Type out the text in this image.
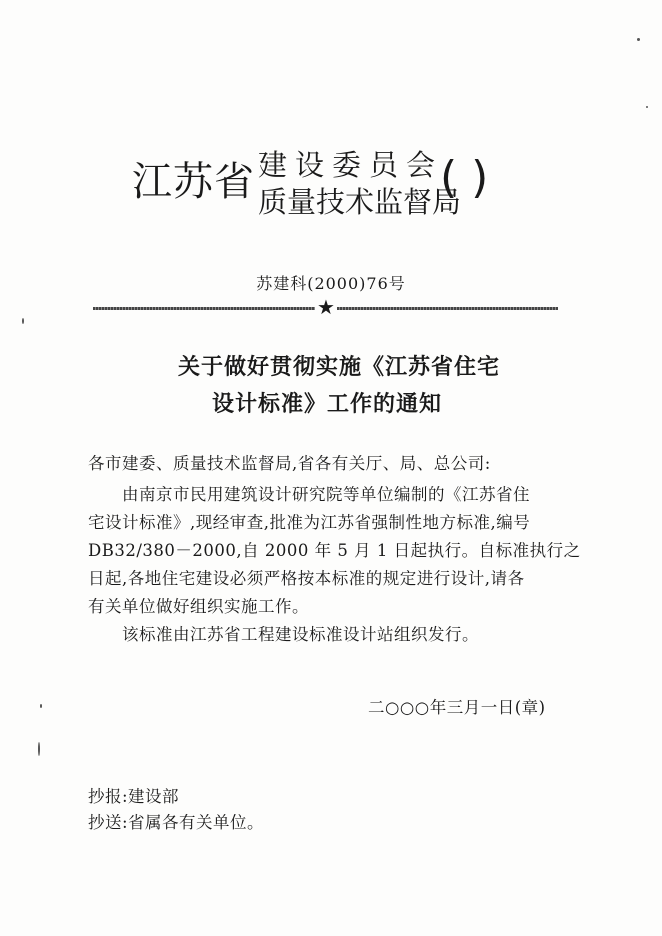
江苏省 建设委员会
质量技术监督局
( )
苏建科(2000)76号
★
关于做好贯彻实施《江苏省住宅
设计标准》工作的通知
各市建委、质量技术监督局,省各有关厅、局、总公司:
　　由南京市民用建筑设计研究院等单位编制的《江苏省住
宅设计标准》,现经审查,批准为江苏省强制性地方标准,编号
DB32/380－2000,自 2000 年 5 月 1 日起执行。自标准执行之
日起,各地住宅建设必须严格按本标准的规定进行设计,请各
有关单位做好组织实施工作。
　　该标准由江苏省工程建设标准设计站组织发行。
二○○○年三月一日(章)
抄报:建设部
抄送:省属各有关单位。
